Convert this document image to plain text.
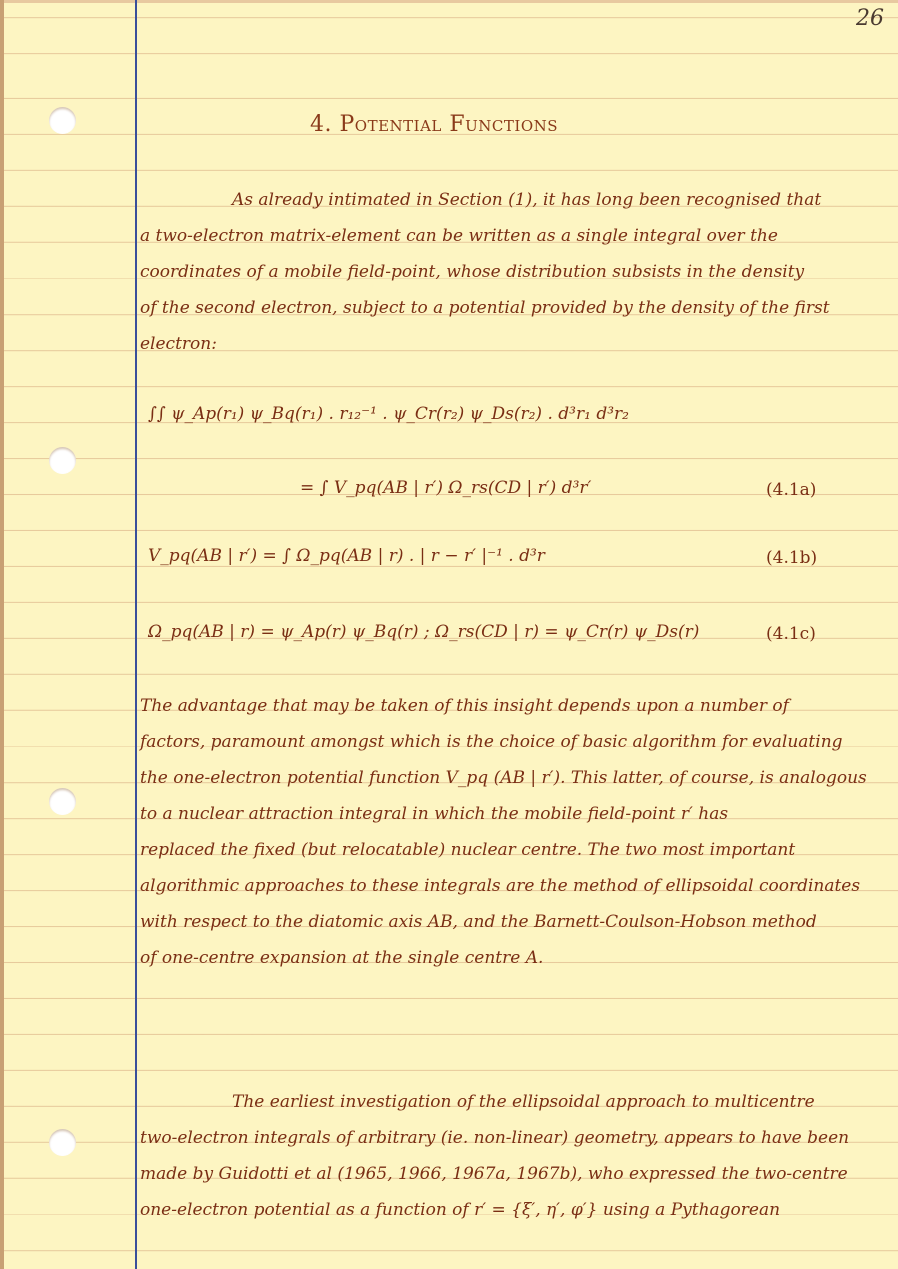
26
4. Potential Functions
As already intimated in Section (1), it has long been recognised that
a two-electron matrix-element can be written as a single integral over the
coordinates of a mobile field-point, whose distribution subsists in the density
of the second electron, subject to a potential provided by the density of the first
electron:
∫∫ ψ_Ap(r₁) ψ_Bq(r₁) . r₁₂⁻¹ . ψ_Cr(r₂) ψ_Ds(r₂) . d³r₁ d³r₂
= ∫ V_pq(AB | r′) Ω_rs(CD | r′) d³r′	(4.1a)
V_pq(AB | r′) = ∫ Ω_pq(AB | r) . | r − r′ |⁻¹ . d³r	(4.1b)
Ω_pq(AB | r) = ψ_Ap(r) ψ_Bq(r) ; Ω_rs(CD | r) = ψ_Cr(r) ψ_Ds(r)	(4.1c)
The advantage that may be taken of this insight depends upon a number of
factors, paramount amongst which is the choice of basic algorithm for evaluating
the one-electron potential function V_pq (AB | r′). This latter, of course, is analogous
to a nuclear attraction integral in which the mobile field-point r′ has
replaced the fixed (but relocatable) nuclear centre. The two most important
algorithmic approaches to these integrals are the method of ellipsoidal coordinates
with respect to the diatomic axis AB, and the Barnett-Coulson-Hobson method
of one-centre expansion at the single centre A.
The earliest investigation of the ellipsoidal approach to multicentre
two-electron integrals of arbitrary (ie. non-linear) geometry, appears to have been
made by Guidotti et al (1965, 1966, 1967a, 1967b), who expressed the two-centre
one-electron potential as a function of r′ = {ξ′, η′, φ′} using a Pythagorean
